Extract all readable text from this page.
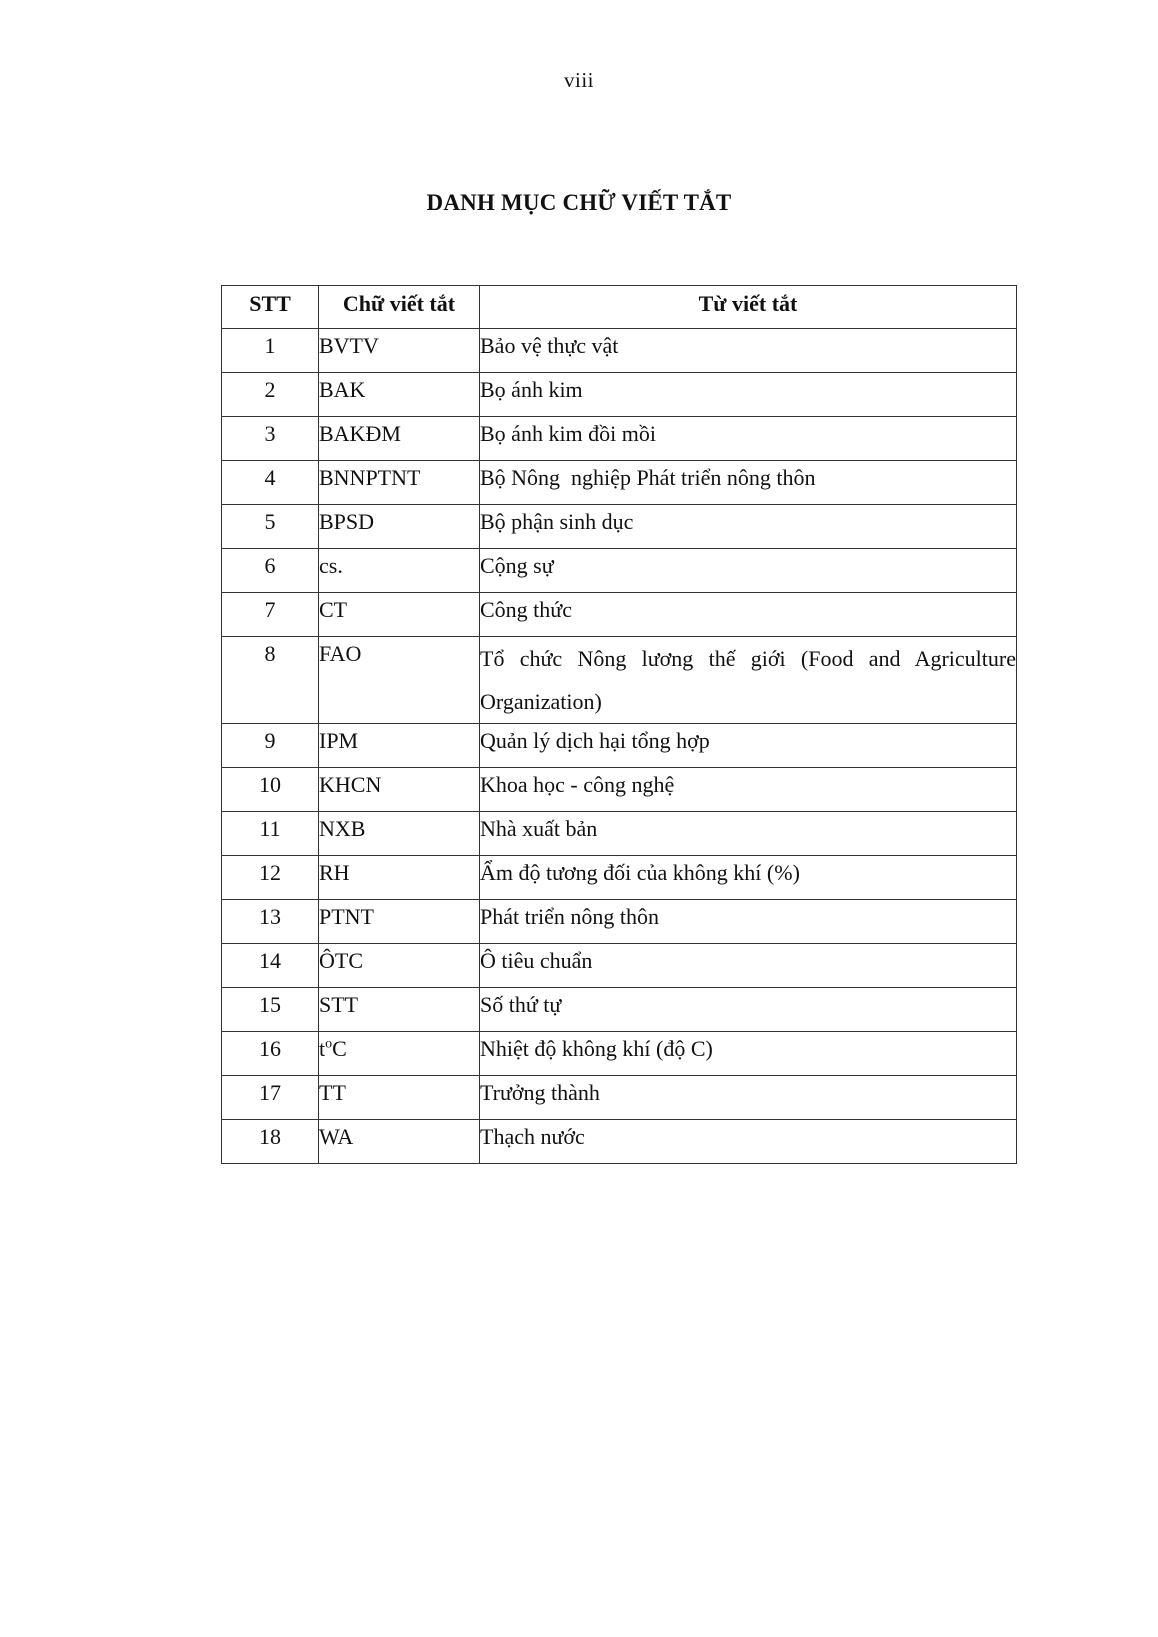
viii
DANH MỤC CHỮ VIẾT TẮT
STT	Chữ viết tắt	Từ viết tắt
1	BVTV	Bảo vệ thực vật
2	BAK	Bọ ánh kim
3	BAKĐM	Bọ ánh kim đồi mồi
4	BNNPTNT	Bộ Nông  nghiệp Phát triển nông thôn
5	BPSD	Bộ phận sinh dục
6	cs.	Cộng sự
7	CT	Công thức
8	FAO	Tổ chức Nông lương thế giới (Food and Agriculture Organization)
9	IPM	Quản lý dịch hại tổng hợp
10	KHCN	Khoa học - công nghệ
11	NXB	Nhà xuất bản
12	RH	Ẩm độ tương đối của không khí (%)
13	PTNT	Phát triển nông thôn
14	ÔTC	Ô tiêu chuẩn
15	STT	Số thứ tự
16	$t^oC$	Nhiệt độ không khí (độ C)
17	TT	Trưởng thành
18	WA	Thạch nước
